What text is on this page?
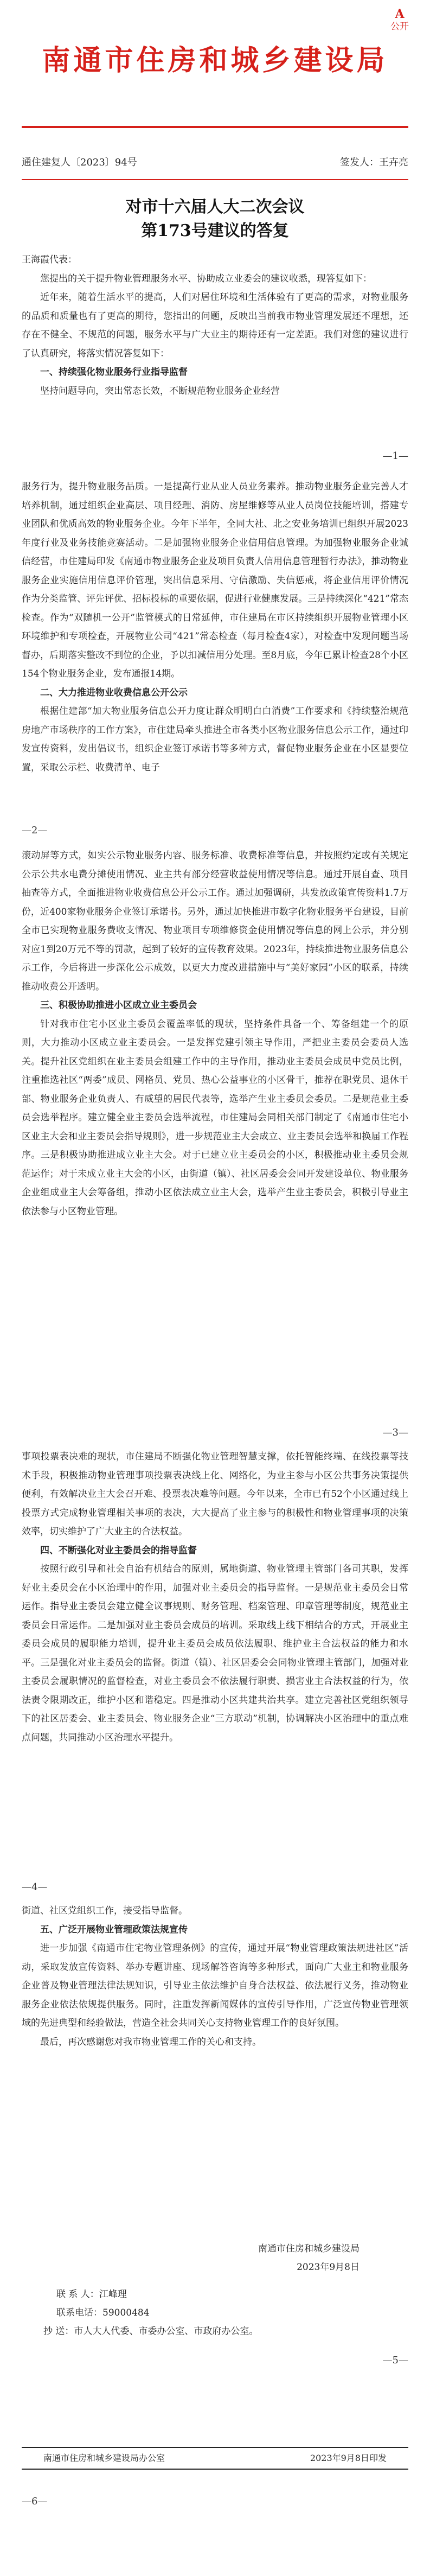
A
公开
南通市住房和城乡建设局
通住建复人〔2023〕94号	签发人：王卉亮
对市十六届人大二次会议
第173号建议的答复

王海霞代表：

您提出的关于提升物业管理服务水平、协助成立业委会的建议收悉，现答复如下：

近年来，随着生活水平的提高，人们对居住环境和生活体验有了更高的需求，对物业服务的品质和质量也有了更高的期待，您指出的问题，反映出当前我市物业管理发展还不理想，还存在不健全、不规范的问题，服务水平与广大业主的期待还有一定差距。我们对您的建议进行了认真研究，将落实情况答复如下：

一、持续强化物业服务行业指导监督

坚持问题导向，突出常态长效，不断规范物业服务企业经营

—1—

服务行为，提升物业服务品质。一是提高行业从业人员业务素养。推动物业服务企业完善人才培养机制，通过组织企业高层、项目经理、消防、房屋维修等从业人员岗位技能培训，搭建专业团队和优质高效的物业服务企业。今年下半年，全同大社、北之安业务培训已组织开展2023年度行业及业务技能竞赛活动。二是加强物业服务企业信用信息管理。为加强物业服务企业诚信经营，市住建局印发《南通市物业服务企业及项目负责人信用信息管理暂行办法》，推动物业服务企业实施信用信息评价管理，突出信息采用、守信激励、失信惩戒，将企业信用评价情况作为分类监管、评先评优、招标投标的重要依据，促进行业健康发展。三是持续深化“421”常态检查。作为“双随机一公开”监管模式的日常延伸，市住建局在市区持续组织开展物业管理小区环境维护和专项检查，开展物业公司“421”常态检查（每月检查4家），对检查中发现问题当场督办，后期落实整改不到位的企业，予以扣减信用分处理。至8月底，今年已累计检查28个小区154个物业服务企业，发布通报14期。

二、大力推进物业收费信息公开公示

根据住建部“加大物业服务信息公开力度让群众明明白白消费”工作要求和《持续整治规范房地产市场秩序的工作方案》，市住建局牵头推进全市各类小区物业服务信息公示工作，通过印发宣传资料，发出倡议书，组织企业签订承诺书等多种方式，督促物业服务企业在小区显要位置，采取公示栏、收费清单、电子

—2—

滚动屏等方式，如实公示物业服务内容、服务标准、收费标准等信息，并按照约定或有关规定公示公共水电费分摊使用情况、业主共有部分经营收益使用情况等信息。通过开展自查、项目抽查等方式，全面推进物业收费信息公开公示工作。通过加强调研，共发放政策宣传资料1.7万份，近400家物业服务企业签订承诺书。另外，通过加快推进市数字化物业服务平台建设，目前全市已实现物业服务费收支情况、物业项目专项维修资金使用情况等信息的网上公示，并分别对应1到20万元不等的罚款，起到了较好的宣传教育效果。2023年，持续推进物业服务信息公示工作，今后将进一步深化公示成效，以更大力度改进措施中与“美好家园”小区的联系，持续推动收费公开透明。

三、积极协助推进小区成立业主委员会

针对我市住宅小区业主委员会覆盖率低的现状，坚持条件具备一个、筹备组建一个的原则，大力推动小区成立业主委员会。一是发挥党建引领主导作用，严把业主委员会委员人选关。提升社区党组织在业主委员会组建工作中的主导作用，推动业主委员会成员中党员比例，注重推选社区“两委”成员、网格员、党员、热心公益事业的小区骨干，推荐在职党员、退休干部、物业服务企业负责人、有威望的居民代表等，选举产生业主委员会委员。二是规范业主委员会选举程序。建立健全业主委员会选举流程，市住建局会同相关部门制定了《南通市住宅小区业主大会和业主委员会指导规则》，进一步规范业主大会成立、业主委员会选举和换届工作程序。三是积极协助推进成立业主大会。对于已建立业主委员会的小区，积极推动业主委员会规范运作；对于未成立业主大会的小区，由街道（镇）、社区居委会会同开发建设单位、物业服务企业组成业主大会筹备组，推动小区依法成立业主大会，选举产生业主委员会，积极引导业主依法参与小区物业管理。

—3—

事项投票表决难的现状，市住建局不断强化物业管理智慧支撑，依托智能终端、在线投票等技术手段，积极推动物业管理事项投票表决线上化、网络化，为业主参与小区公共事务决策提供便利，有效解决业主大会召开难、投票表决难等问题。今年以来，全市已有52个小区通过线上投票方式完成物业管理相关事项的表决，大大提高了业主参与的积极性和物业管理事项的决策效率，切实维护了广大业主的合法权益。

四、不断强化对业主委员会的指导监督

按照行政引导和社会自治有机结合的原则，属地街道、物业管理主管部门各司其职，发挥好业主委员会在小区治理中的作用，加强对业主委员会的指导监督。一是规范业主委员会日常运作。指导业主委员会建立健全议事规则、财务管理、档案管理、印章管理等制度，规范业主委员会日常运作。二是加强对业主委员会成员的培训。采取线上线下相结合的方式，开展业主委员会成员的履职能力培训，提升业主委员会成员依法履职、维护业主合法权益的能力和水平。三是强化对业主委员会的监督。街道（镇）、社区居委会会同物业管理主管部门，加强对业主委员会履职情况的监督检查，对业主委员会不依法履行职责、损害业主合法权益的行为，依法责令限期改正，维护小区和谐稳定。四是推动小区共建共治共享。建立完善社区党组织领导下的社区居委会、业主委员会、物业服务企业“三方联动”机制，协调解决小区治理中的重点难点问题，共同推动小区治理水平提升。

—4—

街道、社区党组织工作，接受指导监督。

五、广泛开展物业管理政策法规宣传

进一步加强《南通市住宅物业管理条例》的宣传，通过开展“物业管理政策法规进社区”活动，采取发放宣传资料、举办专题讲座、现场解答咨询等多种形式，面向广大业主和物业服务企业普及物业管理法律法规知识，引导业主依法维护自身合法权益、依法履行义务，推动物业服务企业依法依规提供服务。同时，注重发挥新闻媒体的宣传引导作用，广泛宣传物业管理领域的先进典型和经验做法，营造全社会共同关心支持物业管理工作的良好氛围。

最后，再次感谢您对我市物业管理工作的关心和支持。

南通市住房和城乡建设局
2023年9月8日
联 系 人：江峰理
联系电话：59000484
抄 送：市人大人代委、市委办公室、市政府办公室。
—5—
南通市住房和城乡建设局办公室	2023年9月8日印发
—6—
